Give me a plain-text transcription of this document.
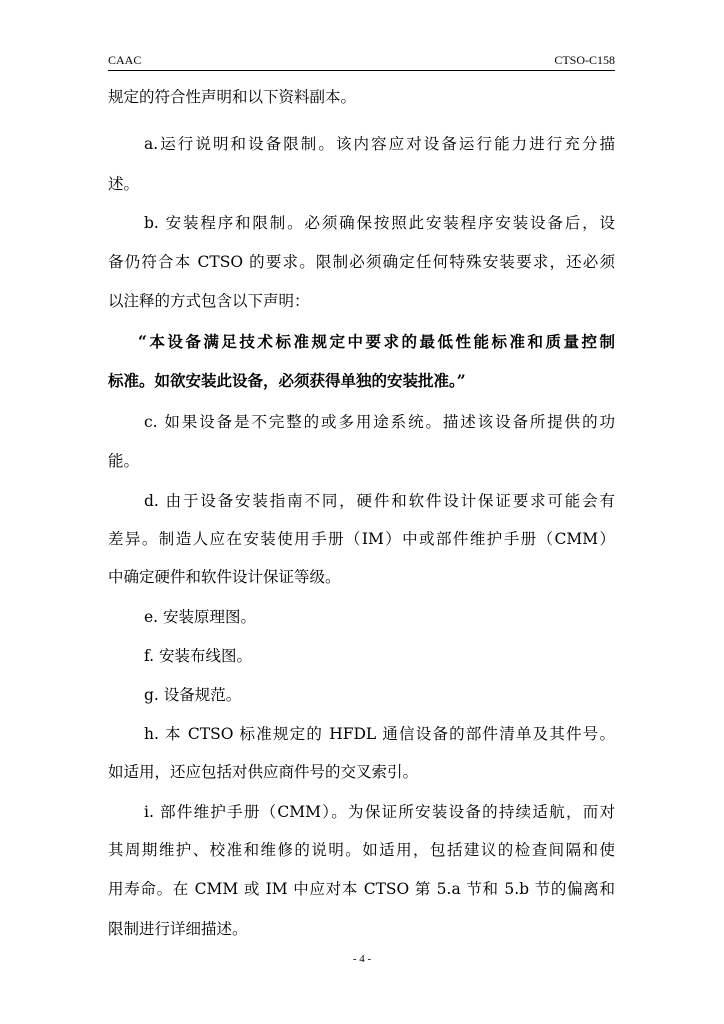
CAAC	CTSO-C158
规定的符合性声明和以下资料副本。
a.运行说明和设备限制。该内容应对设备运行能力进行充分描
述。
b. 安装程序和限制。必须确保按照此安装程序安装设备后，设
备仍符合本 CTSO 的要求。限制必须确定任何特殊安装要求，还必须
以注释的方式包含以下声明：
“本设备满足技术标准规定中要求的最低性能标准和质量控制
标准。如欲安装此设备，必须获得单独的安装批准。”
c. 如果设备是不完整的或多用途系统。描述该设备所提供的功
能。
d. 由于设备安装指南不同，硬件和软件设计保证要求可能会有
差异。制造人应在安装使用手册（IM）中或部件维护手册（CMM）
中确定硬件和软件设计保证等级。
e. 安装原理图。
f. 安装布线图。
g. 设备规范。
h. 本 CTSO 标准规定的 HFDL 通信设备的部件清单及其件号。
如适用，还应包括对供应商件号的交叉索引。
i. 部件维护手册（CMM）。为保证所安装设备的持续适航，而对
其周期维护、校准和维修的说明。如适用，包括建议的检查间隔和使
用寿命。在 CMM 或 IM 中应对本 CTSO 第 5.a 节和 5.b 节的偏离和
限制进行详细描述。
- 4 -
